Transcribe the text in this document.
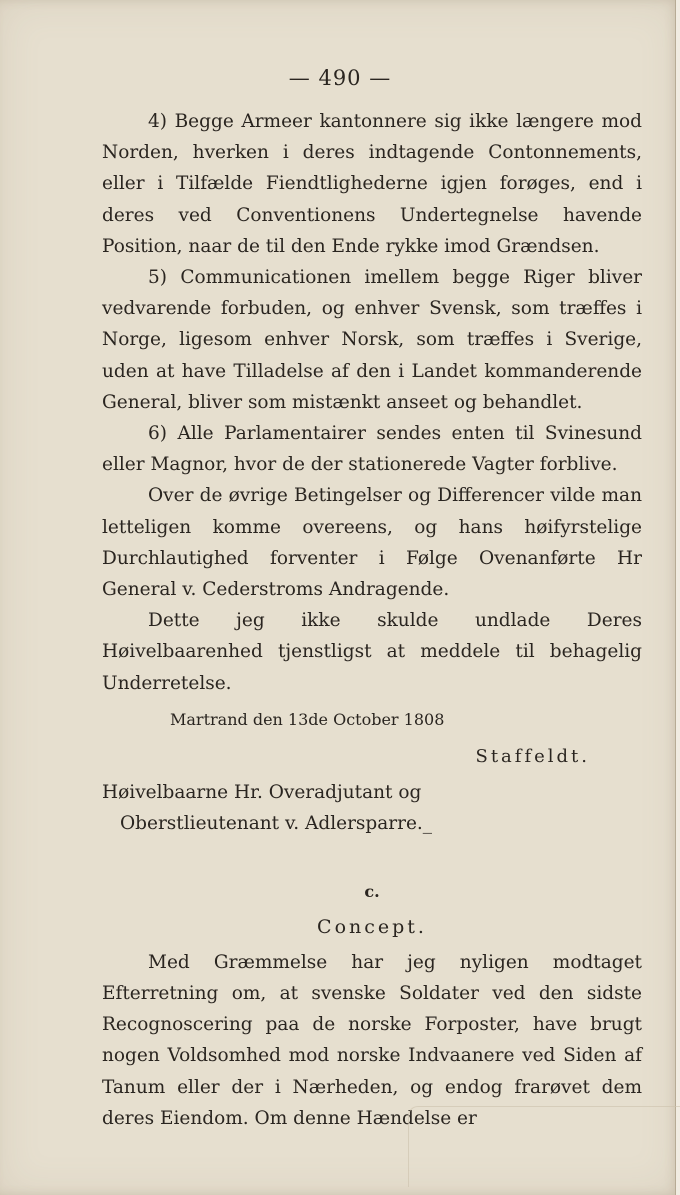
— 490 —

4) Begge Armeer kantonnere sig ikke længere mod Norden, hverken i deres indtagende Contonnements, eller i Tilfælde Fiendtlighederne igjen forøges, end i deres ved Conventionens Undertegnelse havende Position, naar de til den Ende rykke imod Grændsen.

5) Communicationen imellem begge Riger bliver vedvarende forbuden, og enhver Svensk, som træffes i Norge, ligesom enhver Norsk, som træffes i Sverige, uden at have Tilladelse af den i Landet kommanderende General, bliver som mistænkt anseet og behandlet.

6) Alle Parlamentairer sendes enten til Svinesund eller Magnor, hvor de der stationerede Vagter forblive.

Over de øvrige Betingelser og Differencer vilde man letteligen komme overeens, og hans høifyrstelige Durchlautighed forventer i Følge Ovenanførte Hr General v. Cederstroms Andragende.

Dette jeg ikke skulde undlade Deres Høivelbaarenhed tjenstligst at meddele til behagelig Underretelse.

Martrand den 13de October 1808

Staffeldt.

Høivelbaarne Hr. Overadjutant og

Oberstlieutenant v. Adlersparre._

c.

Concept.

Med Græmmelse har jeg nyligen modtaget Efterretning om, at svenske Soldater ved den sidste Recognoscering paa de norske Forposter, have brugt nogen Voldsomhed mod norske Indvaanere ved Siden af Tanum eller der i Nærheden, og endog frarøvet dem deres Eiendom. Om denne Hændelse er
